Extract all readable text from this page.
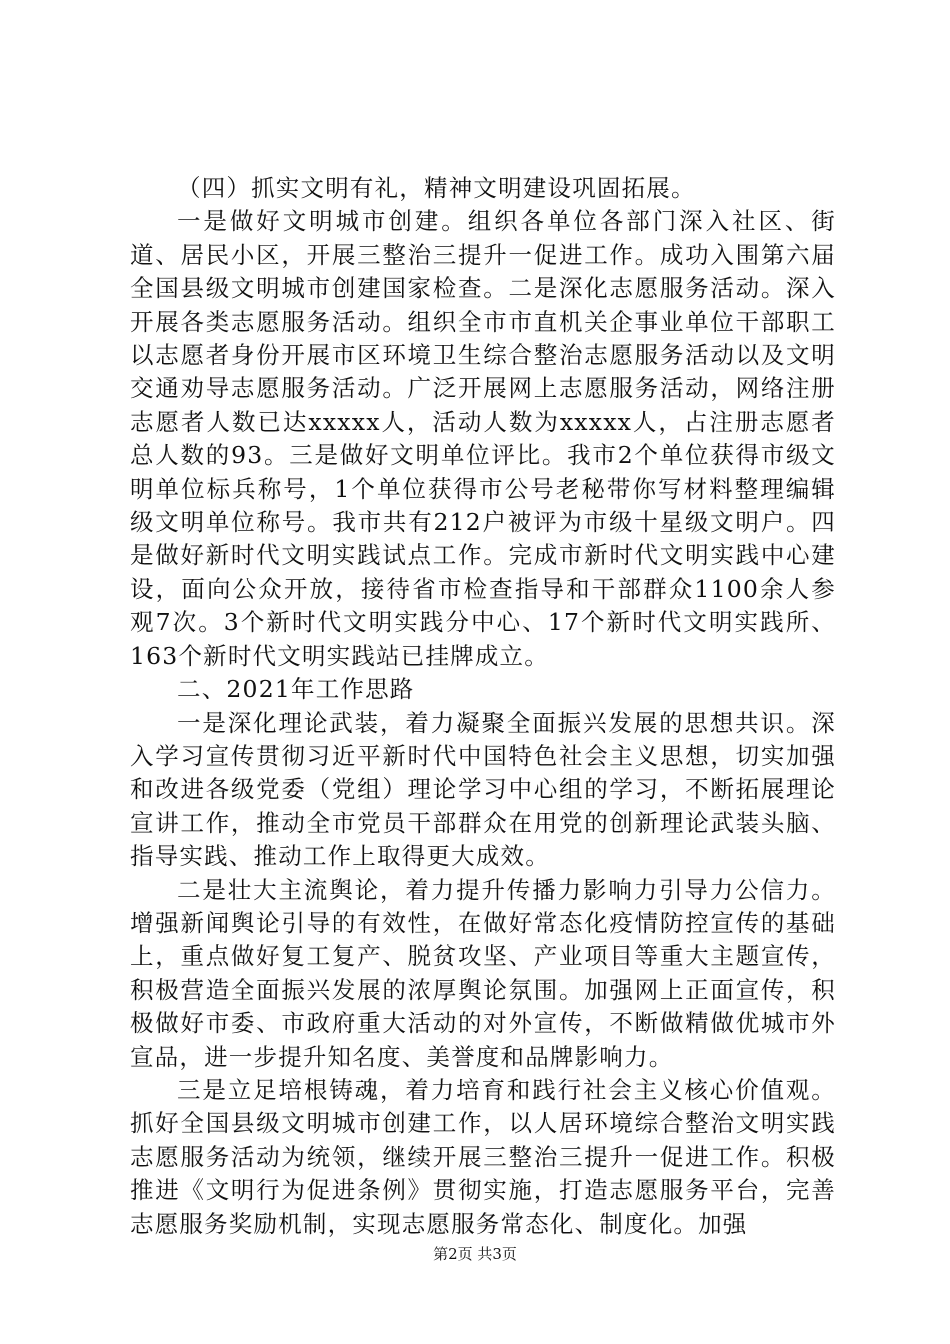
（四）抓实文明有礼，精神文明建设巩固拓展。

一是做好文明城市创建。组织各单位各部门深入社区、街道、居民小区，开展三整治三提升一促进工作。成功入围第六届全国县级文明城市创建国家检查。二是深化志愿服务活动。深入开展各类志愿服务活动。组织全市市直机关企事业单位干部职工以志愿者身份开展市区环境卫生综合整治志愿服务活动以及文明交通劝导志愿服务活动。广泛开展网上志愿服务活动，网络注册志愿者人数已达xxxxx人，活动人数为xxxxx人，占注册志愿者总人数的93。三是做好文明单位评比。我市2个单位获得市级文明单位标兵称号，1个单位获得市公号老秘带你写材料整理编辑级文明单位称号。我市共有212户被评为市级十星级文明户。四是做好新时代文明实践试点工作。完成市新时代文明实践中心建设，面向公众开放，接待省市检查指导和干部群众1100余人参观7次。3个新时代文明实践分中心、17个新时代文明实践所、163个新时代文明实践站已挂牌成立。

二、2021年工作思路

一是深化理论武装，着力凝聚全面振兴发展的思想共识。深入学习宣传贯彻习近平新时代中国特色社会主义思想，切实加强和改进各级党委（党组）理论学习中心组的学习，不断拓展理论宣讲工作，推动全市党员干部群众在用党的创新理论武装头脑、指导实践、推动工作上取得更大成效。

二是壮大主流舆论，着力提升传播力影响力引导力公信力。增强新闻舆论引导的有效性，在做好常态化疫情防控宣传的基础上，重点做好复工复产、脱贫攻坚、产业项目等重大主题宣传，积极营造全面振兴发展的浓厚舆论氛围。加强网上正面宣传，积极做好市委、市政府重大活动的对外宣传，不断做精做优城市外宣品，进一步提升知名度、美誉度和品牌影响力。

三是立足培根铸魂，着力培育和践行社会主义核心价值观。抓好全国县级文明城市创建工作，以人居环境综合整治文明实践志愿服务活动为统领，继续开展三整治三提升一促进工作。积极推进《文明行为促进条例》贯彻实施，打造志愿服务平台，完善志愿服务奖励机制，实现志愿服务常态化、制度化。加强

第2页 共3页
